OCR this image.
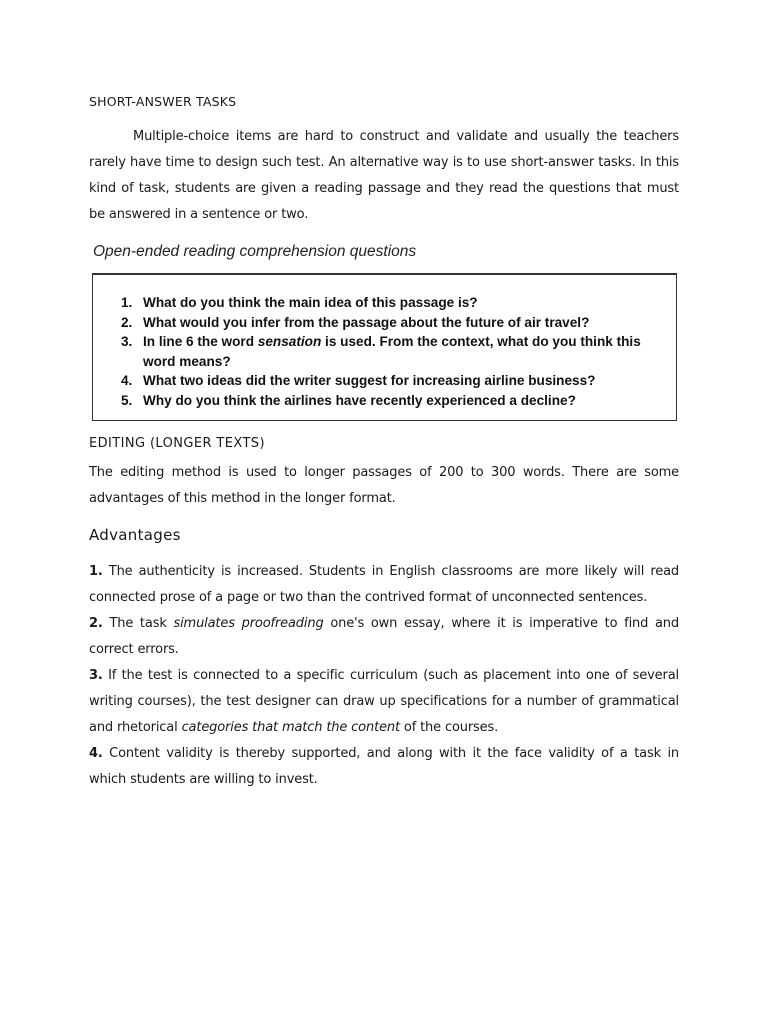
SHORT-ANSWER TASKS
Multiple-choice items are hard to construct and validate and usually the teachers rarely have time to design such test. An alternative way is to use short-answer tasks. In this kind of task, students are given a reading passage and they read the questions that must be answered in a sentence or two.
Open-ended reading comprehension questions
1. What do you think the main idea of this passage is?
2. What would you infer from the passage about the future of air travel?
3. In line 6 the word sensation is used. From the context, what do you think this word means?
4. What two ideas did the writer suggest for increasing airline business?
5. Why do you think the airlines have recently experienced a decline?
EDITING (LONGER TEXTS)
The editing method is used to longer passages of 200 to 300 words. There are some advantages of this method in the longer format.
Advantages

1. The authenticity is increased. Students in English classrooms are more likely will read connected prose of a page or two than the contrived format of unconnected sentences.

2. The task simulates proofreading one's own essay, where it is imperative to find and correct errors.

3. If the test is connected to a specific curriculum (such as placement into one of several writing courses), the test designer can draw up specifications for a number of grammatical and rhetorical categories that match the content of the courses.

4. Content validity is thereby supported, and along with it the face validity of a task in which students are willing to invest.
